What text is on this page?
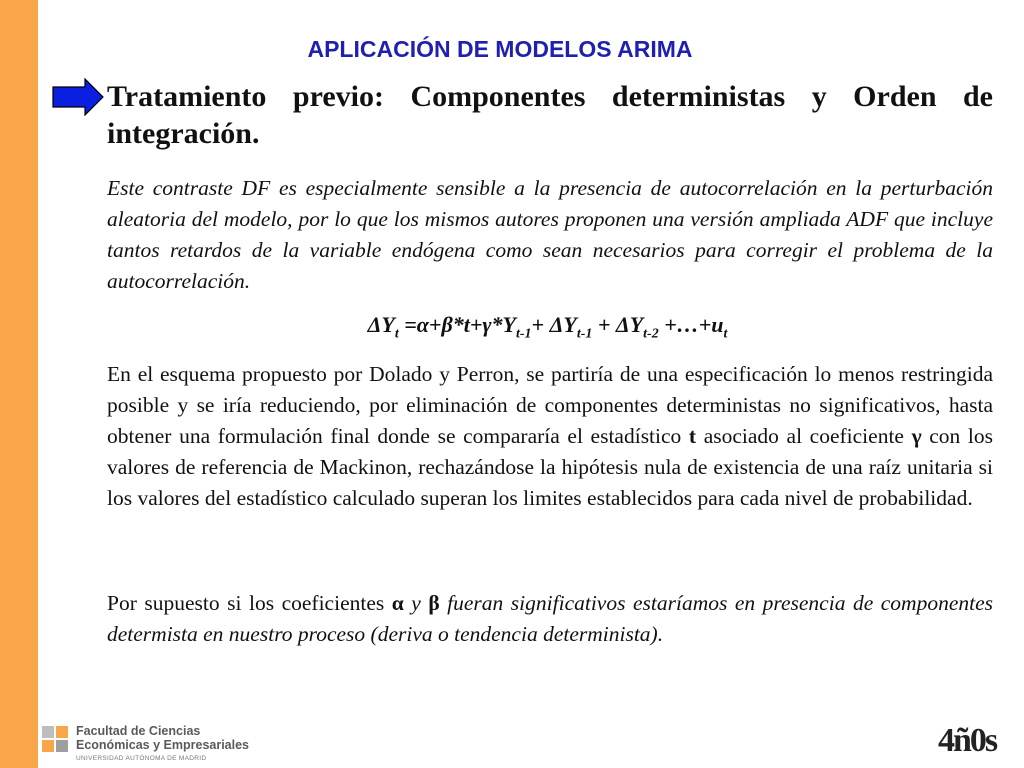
APLICACIÓN DE MODELOS ARIMA
Tratamiento previo: Componentes deterministas y Orden de integración.

Este contraste DF es especialmente sensible a la presencia de autocorrelación en la perturbación aleatoria del modelo, por lo que los mismos autores proponen una versión ampliada ADF que incluye tantos retardos de la variable endógena como sean necesarios para corregir el problema de la autocorrelación.

$\Delta Y_t =\alpha+\beta*t+\gamma*Y_{t-1}+ \Delta Y_{t-1} + \Delta Y_{t-2}$ $+\dots+u_t$

En el esquema propuesto por Dolado y Perron, se partiría de una especificación lo menos restringida posible y se iría reduciendo, por eliminación de componentes deterministas no significativos, hasta obtener una formulación final donde se compararía el estadístico t asociado al coeficiente γ con los valores de referencia de Mackinon, rechazándose la hipótesis nula de existencia de una raíz unitaria si los valores del estadístico calculado superan los limites establecidos para cada nivel de probabilidad.

Por supuesto si los coeficientes α y β fueran significativos estaríamos en presencia de componentes determista en nuestro proceso (deriva o tendencia determinista).

Facultad de Ciencias
Económicas y Empresariales
UNIVERSIDAD AUTÓNOMA DE MADRID	4ñ0s
